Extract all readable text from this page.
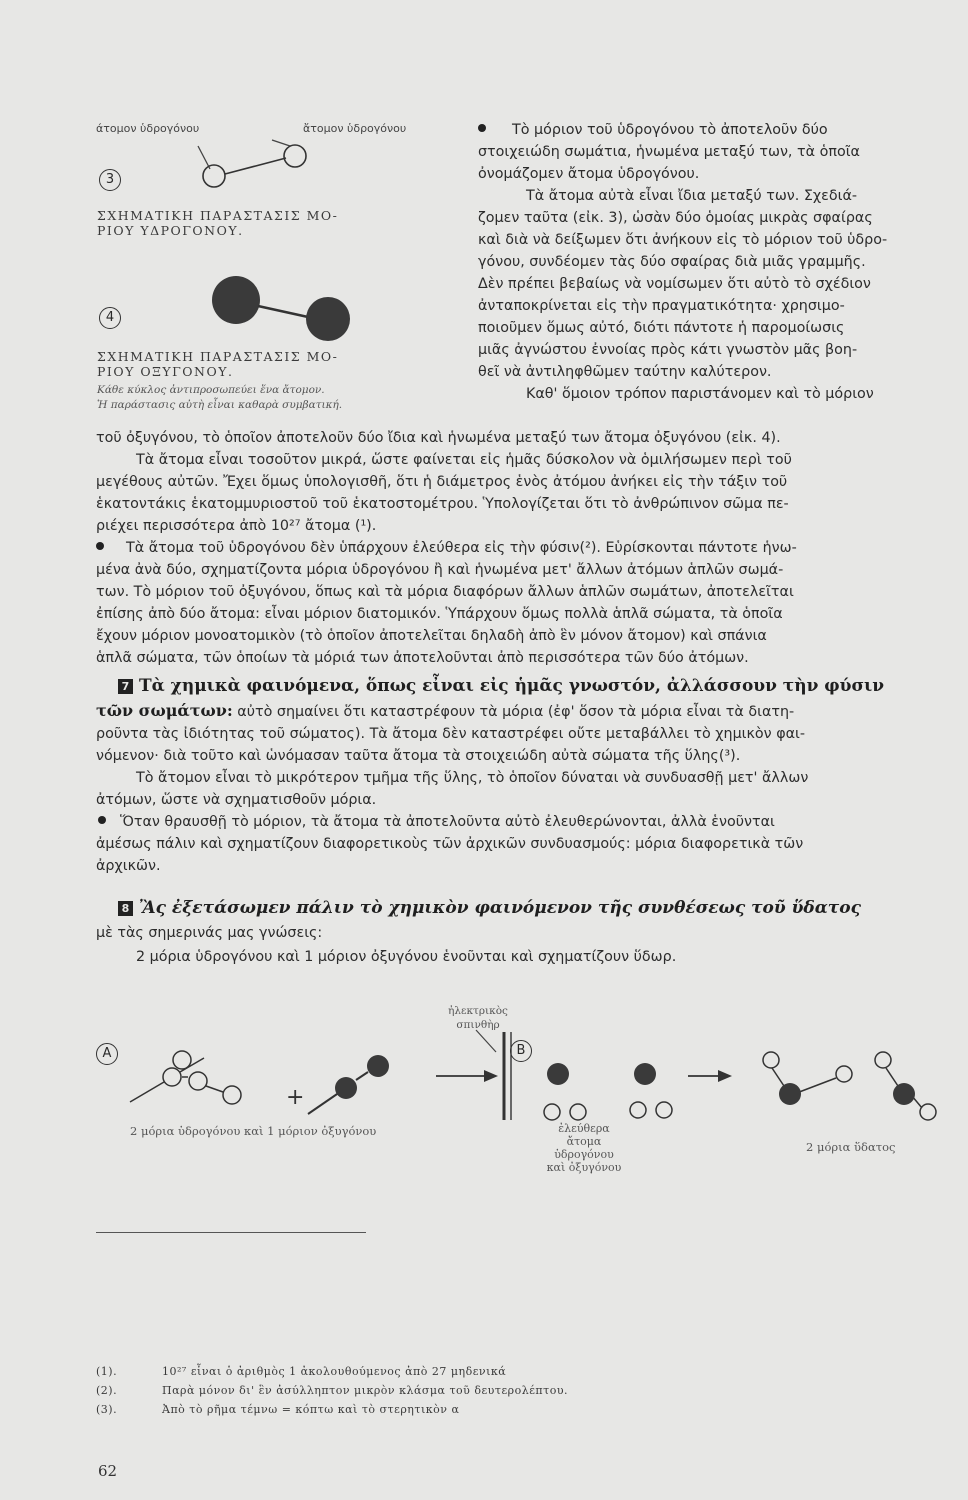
άτομον ὑδρογόνου	ἄτομον ὑδρογόνου
3
ΣΧΗΜΑΤΙΚΗ ΠΑΡΑΣΤΑΣΙΣ ΜΟ-
ΡΙΟΥ ΥΔΡΟΓΟΝΟΥ.
4
ΣΧΗΜΑΤΙΚΗ ΠΑΡΑΣΤΑΣΙΣ ΜΟ-
ΡΙΟΥ ΟΞΥΓΟΝΟΥ.
Κάθε κύκλος ἀντιπροσωπεύει ἕνα ἄτομον.
Ἡ παράστασις αὐτὴ εἶναι καθαρὰ συμβατική.
Τὸ μόριον τοῦ ὑδρογόνου τὸ ἀποτελοῦν δύο
στοιχειώδη σωμάτια, ἡνωμένα μεταξύ των, τὰ ὁποῖα
ὀνομάζομεν ἄτομα ὑδρογόνου.
Τὰ ἄτομα αὐτὰ εἶναι ἴδια μεταξύ των. Σχεδιά-
ζομεν ταῦτα (εἰκ. 3), ὡσὰν δύο ὁμοίας μικρὰς σφαίρας
καὶ διὰ νὰ δείξωμεν ὅτι ἀνήκουν εἰς τὸ μόριον τοῦ ὑδρο-
γόνου, συνδέομεν τὰς δύο σφαίρας διὰ μιᾶς γραμμῆς.
Δὲν πρέπει βεβαίως νὰ νομίσωμεν ὅτι αὐτὸ τὸ σχέδιον
ἀνταποκρίνεται εἰς τὴν πραγματικότητα· χρησιμο-
ποιοῦμεν ὅμως αὐτό, διότι πάντοτε ἡ παρομοίωσις
μιᾶς ἀγνώστου ἐννοίας πρὸς κάτι γνωστὸν μᾶς βοη-
θεῖ νὰ ἀντιληφθῶμεν ταύτην καλύτερον.
Καθ' ὅμοιον τρόπον παριστάνομεν καὶ τὸ μόριον
τοῦ ὀξυγόνου, τὸ ὁποῖον ἀποτελοῦν δύο ἴδια καὶ ἡνωμένα μεταξύ των ἄτομα ὀξυγόνου (εἰκ. 4).
Τὰ ἄτομα εἶναι τοσοῦτον μικρά, ὥστε φαίνεται εἰς ἡμᾶς δύσκολον νὰ ὁμιλήσωμεν περὶ τοῦ
μεγέθους αὐτῶν. Ἔχει ὅμως ὑπολογισθῆ, ὅτι ἡ διάμετρος ἑνὸς ἀτόμου ἀνήκει εἰς τὴν τάξιν τοῦ
ἑκατοντάκις ἑκατομμυριοστοῦ τοῦ ἑκατοστομέτρου. Ὑπολογίζεται ὅτι τὸ ἀνθρώπινον σῶμα πε-
ριέχει περισσότερα ἀπὸ 10²⁷ ἄτομα (¹).
Τὰ ἄτομα τοῦ ὑδρογόνου δὲν ὑπάρχουν ἐλεύθερα εἰς τὴν φύσιν(²). Εὑρίσκονται πάντοτε ἡνω-
μένα ἀνὰ δύο, σχηματίζοντα μόρια ὑδρογόνου ἢ καὶ ἡνωμένα μετ' ἄλλων ἀτόμων ἁπλῶν σωμά-
των. Τὸ μόριον τοῦ ὀξυγόνου, ὅπως καὶ τὰ μόρια διαφόρων ἄλλων ἁπλῶν σωμάτων, ἀποτελεῖται
ἐπίσης ἀπὸ δύο ἄτομα: εἶναι μόριον διατομικόν. Ὑπάρχουν ὅμως πολλὰ ἁπλᾶ σώματα, τὰ ὁποῖα
ἔχουν μόριον μονοατομικὸν (τὸ ὁποῖον ἀποτελεῖται δηλαδὴ ἀπὸ ἓν μόνον ἄτομον) καὶ σπάνια
ἁπλᾶ σώματα, τῶν ὁποίων τὰ μόριά των ἀποτελοῦνται ἀπὸ περισσότερα τῶν δύο ἀτόμων.
7 Τὰ χημικὰ φαινόμενα, ὅπως εἶναι εἰς ἡμᾶς γνωστόν, ἀλλάσσουν τὴν φύσιν
τῶν σωμάτων: αὐτὸ σημαίνει ὅτι καταστρέφουν τὰ μόρια (ἐφ' ὅσον τὰ μόρια εἶναι τὰ διατη-
ροῦντα τὰς ἰδιότητας τοῦ σώματος). Τὰ ἄτομα δὲν καταστρέφει οὔτε μεταβάλλει τὸ χημικὸν φαι-
νόμενον· διὰ τοῦτο καὶ ὡνόμασαν ταῦτα ἄτομα τὰ στοιχειώδη αὐτὰ σώματα τῆς ὕλης(³).
Τὸ ἄτομον εἶναι τὸ μικρότερον τμῆμα τῆς ὕλης, τὸ ὁποῖον δύναται νὰ συνδυασθῇ μετ' ἄλλων
ἀτόμων, ὥστε νὰ σχηματισθοῦν μόρια.
Ὅταν θραυσθῇ τὸ μόριον, τὰ ἄτομα τὰ ἀποτελοῦντα αὐτὸ ἐλευθερώνονται, ἀλλὰ ἑνοῦνται
ἀμέσως πάλιν καὶ σχηματίζουν διαφορετικοὺς τῶν ἀρχικῶν συνδυασμούς: μόρια διαφορετικὰ τῶν
ἀρχικῶν.
8 Ἂς ἐξετάσωμεν πάλιν τὸ χημικὸν φαινόμενον τῆς συνθέσεως τοῦ ὕδατος
μὲ τὰς σημερινάς μας γνώσεις:
2 μόρια ὑδρογόνου καὶ 1 μόριον ὀξυγόνου ἑνοῦνται καὶ σχηματίζουν ὕδωρ.
ἠλεκτρικὸς
σπινθὴρ
A	B
+
2 μόρια ὑδρογόνου καὶ 1 μόριον ὀξυγόνου	ἐλεύθερα
ἄτομα
ὑδρογόνου
καὶ ὀξυγόνου
2 μόρια ὕδατος
(1).	10²⁷ εἶναι ὁ ἀριθμὸς 1 ἀκολουθούμενος ἀπὸ 27 μηδενικά
(2).	Παρὰ μόνον δι' ἓν ἀσύλληπτον μικρὸν κλάσμα τοῦ δευτερολέπτου.
(3).	Ἀπὸ τὸ ρῆμα τέμνω = κόπτω καὶ τὸ στερητικὸν α
62
